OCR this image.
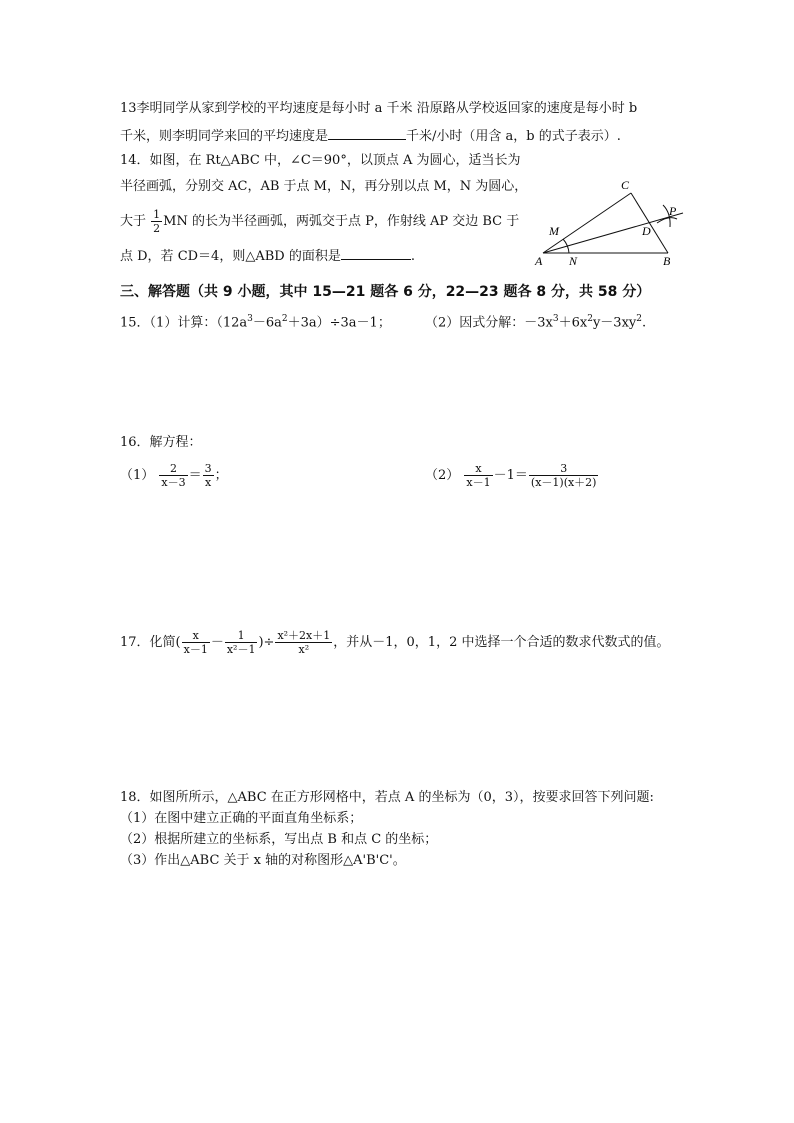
13李明同学从家到学校的平均速度是每小时 a 千米 沿原路从学校返回家的速度是每小时 b
千米，则李明同学来回的平均速度是	千米/小时（用含 a，b 的式子表示）.
14．如图，在 Rt△ABC 中，∠C＝90°，以顶点 A 为圆心，适当长为
半径画弧，分别交 AC，AB 于点 M，N，再分别以点 M，N 为圆心，
大于 $\frac{1}{2}$ MN 的长为半径画弧，两弧交于点 P，作射线 AP 交边 BC 于
点 D，若 CD＝4，则△ABD 的面积是	.
C
P
M	D
A N	B
三、解答题（共 9 小题，其中 15—21 题各 6 分，22—23 题各 8 分，共 58 分）
15．（1）计算：$(12a^3-6a^2+3a)\div 3a-1$；	（2）因式分解：$-3x^3+6x^2y-3xy^2$.
16．解方程：
$(1) \frac{2}{x-3} = \frac{3}{x}$ ；	$(2) \frac{x}{x-1} -1= \frac{3}{(x-1)(x+2)}$
17．化简( $\frac{x}{x-1} - \frac{1}{\text{x²－1}}$ )÷ $\frac{\text{x²＋2x＋1}}{\text{x²}}$ ，并从－1，0，1，2 中选择一个合适的数求代数式的值。
18．如图所所示，△ABC 在正方形网格中，若点 A 的坐标为（0，3），按要求回答下列问题:
（1）在图中建立正确的平面直角坐标系；
（2）根据所建立的坐标系，写出点 B 和点 C 的坐标；
（3）作出△ABC 关于 x 轴的对称图形△A'B'C'。
